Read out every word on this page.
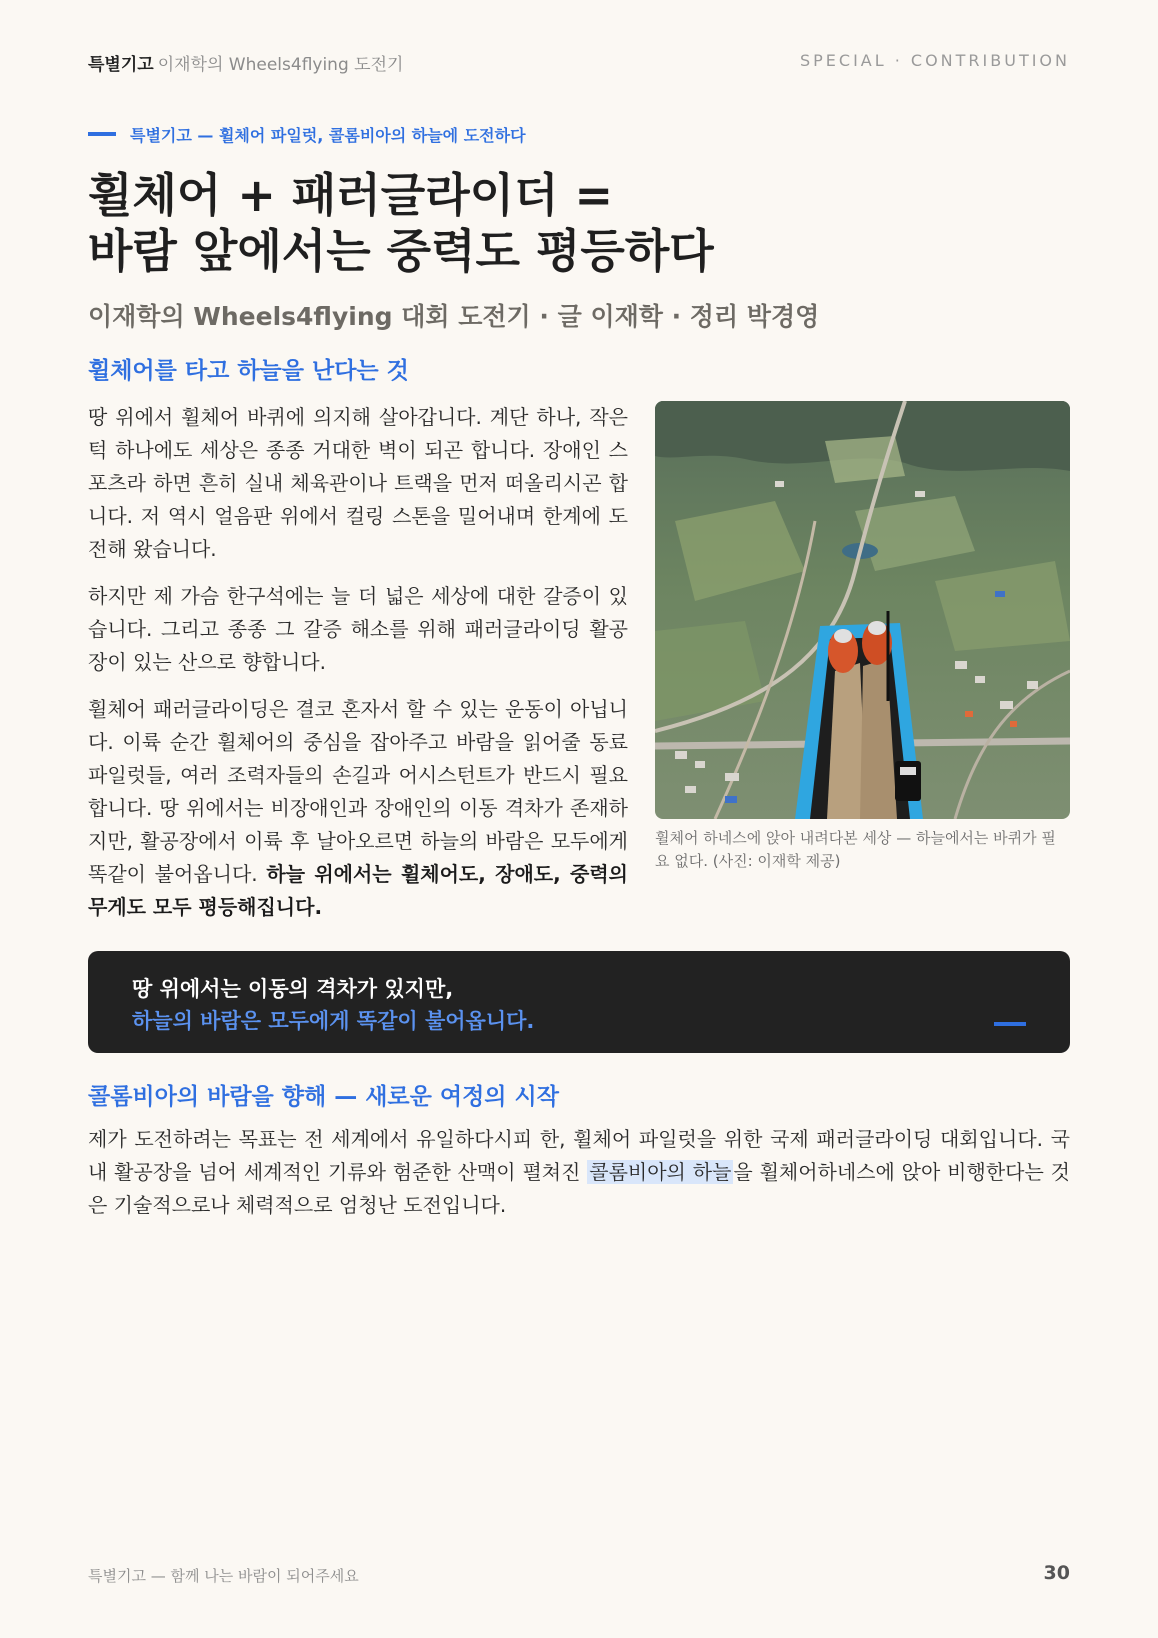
특별기고 이재학의 Wheels4flying 도전기	SPECIAL · CONTRIBUTION
특별기고 — 휠체어 파일럿, 콜롬비아의 하늘에 도전하다
휠체어 + 패러글라이더 =
바람 앞에서는 중력도 평등하다
이재학의 Wheels4flying 대회 도전기 · 글 이재학 · 정리 박경영
휠체어를 타고 하늘을 난다는 것

땅 위에서 휠체어 바퀴에 의지해 살아갑니다. 계단 하나, 작은 턱 하나에도 세상은 종종 거대한 벽이 되곤 합니다. 장애인 스포츠라 하면 흔히 실내 체육관이나 트랙을 먼저 떠올리시곤 합니다. 저 역시 얼음판 위에서 컬링 스톤을 밀어내며 한계에 도전해 왔습니다.

하지만 제 가슴 한구석에는 늘 더 넓은 세상에 대한 갈증이 있습니다. 그리고 종종 그 갈증 해소를 위해 패러글라이딩 활공장이 있는 산으로 향합니다.

휠체어 패러글라이딩은 결코 혼자서 할 수 있는 운동이 아닙니다. 이륙 순간 휠체어의 중심을 잡아주고 바람을 읽어줄 동료 파일럿들, 여러 조력자들의 손길과 어시스턴트가 반드시 필요합니다. 땅 위에서는 비장애인과 장애인의 이동 격차가 존재하지만, 활공장에서 이륙 후 날아오르면 하늘의 바람은 모두에게 똑같이 불어옵니다. 하늘 위에서는 휠체어도, 장애도, 중력의 무게도 모두 평등해집니다.

휠체어 하네스에 앉아 내려다본 세상 — 하늘에서는 바퀴가 필요 없다. (사진: 이재학 제공)
땅 위에서는 이동의 격차가 있지만,
하늘의 바람은 모두에게 똑같이 불어옵니다.
콜롬비아의 바람을 향해 — 새로운 여정의 시작

제가 도전하려는 목표는 전 세계에서 유일하다시피 한, 휠체어 파일럿을 위한 국제 패러글라이딩 대회입니다. 국내 활공장을 넘어 세계적인 기류와 험준한 산맥이 펼쳐진 콜롬비아의 하늘 을 휠체어하네스에 앉아 비행한다는 것은 기술적으로나 체력적으로 엄청난 도전입니다.

특별기고 — 함께 나는 바람이 되어주세요	30
